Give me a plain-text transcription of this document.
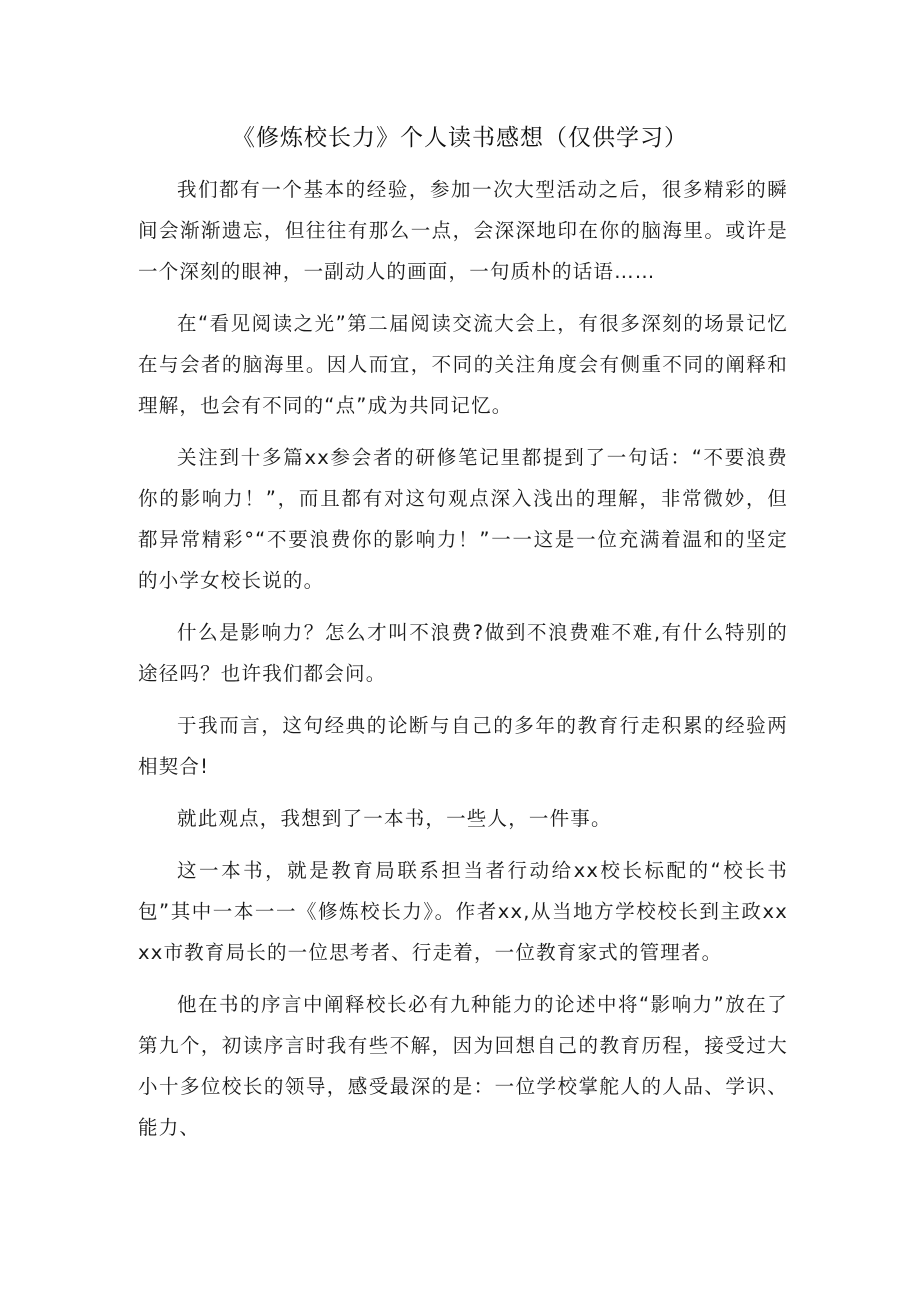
《修炼校长力》个人读书感想（仅供学习）

我们都有一个基本的经验，参加一次大型活动之后，很多精彩的瞬间会渐渐遗忘，但往往有那么一点，会深深地印在你的脑海里。或许是一个深刻的眼神，一副动人的画面，一句质朴的话语……

在“看见阅读之光”第二届阅读交流大会上，有很多深刻的场景记忆在与会者的脑海里。因人而宜，不同的关注角度会有侧重不同的阐释和理解，也会有不同的“点”成为共同记忆。

关注到十多篇xx参会者的研修笔记里都提到了一句话：“不要浪费你的影响力！”，而且都有对这句观点深入浅出的理解，非常微妙，但都异常精彩°“不要浪费你的影响力！”一一这是一位充满着温和的坚定的小学女校长说的。

什么是影响力？怎么才叫不浪费?做到不浪费难不难,有什么特别的途径吗？也许我们都会问。

于我而言，这句经典的论断与自己的多年的教育行走积累的经验两相契合!

就此观点，我想到了一本书，一些人，一件事。

这一本书，就是教育局联系担当者行动给xx校长标配的“校长书包”其中一本一一《修炼校长力》。作者xx,从当地方学校校长到主政xxxx市教育局长的一位思考者、行走着，一位教育家式的管理者。

他在书的序言中阐释校长必有九种能力的论述中将“影响力”放在了第九个，初读序言时我有些不解，因为回想自己的教育历程，接受过大小十多位校长的领导，感受最深的是：一位学校掌舵人的人品、学识、能力、
